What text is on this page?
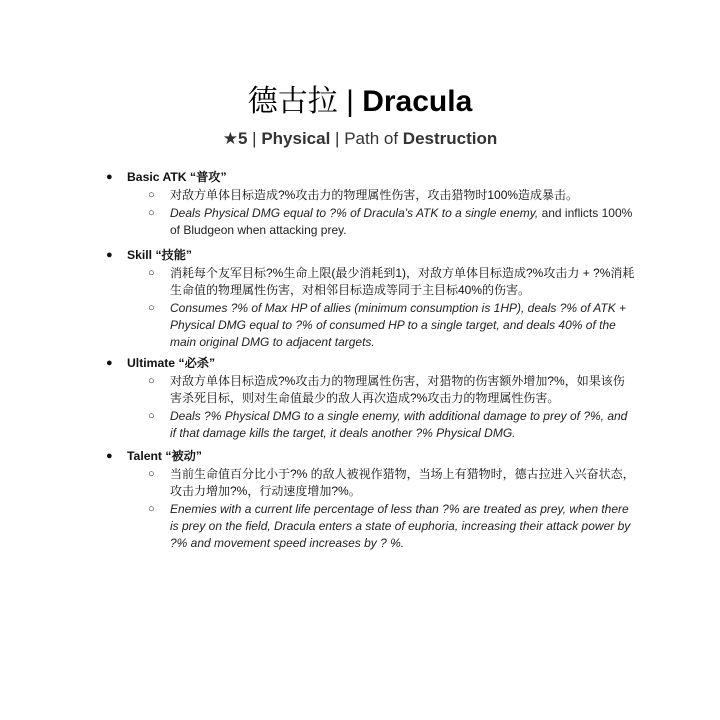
德古拉 | Dracula
★5 | Physical | Path of Destruction
● Basic ATK “普攻”
○ 对敌方单体目标造成?%攻击力的物理属性伤害，攻击猎物时100%造成暴击。
○ Deals Physical DMG equal to ?% of Dracula's ATK to a single enemy, and inflicts 100% of Bludgeon when attacking prey.
● Skill “技能”
○ 消耗每个友军目标?%生命上限(最少消耗到1)，对敌方单体目标造成?%攻击力 + ?%消耗生命值的物理属性伤害，对相邻目标造成等同于主目标40%的伤害。
○ Consumes ?% of Max HP of allies (minimum consumption is 1HP), deals ?% of ATK + Physical DMG equal to ?% of consumed HP to a single target, and deals 40% of the main original DMG to adjacent targets.
● Ultimate “必杀”
○ 对敌方单体目标造成?%攻击力的物理属性伤害，对猎物的伤害额外增加?%，如果该伤害杀死目标，则对生命值最少的敌人再次造成?%攻击力的物理属性伤害。
○ Deals ?% Physical DMG to a single enemy, with additional damage to prey of ?%, and if that damage kills the target, it deals another ?% Physical DMG.
● Talent “被动”
○ 当前生命值百分比小于?% 的敌人被视作猎物，当场上有猎物时，德古拉进入兴奋状态，攻击力增加?%，行动速度增加?%。
○ Enemies with a current life percentage of less than ?% are treated as prey, when there is prey on the field, Dracula enters a state of euphoria, increasing their attack power by ?% and movement speed increases by ? %.
